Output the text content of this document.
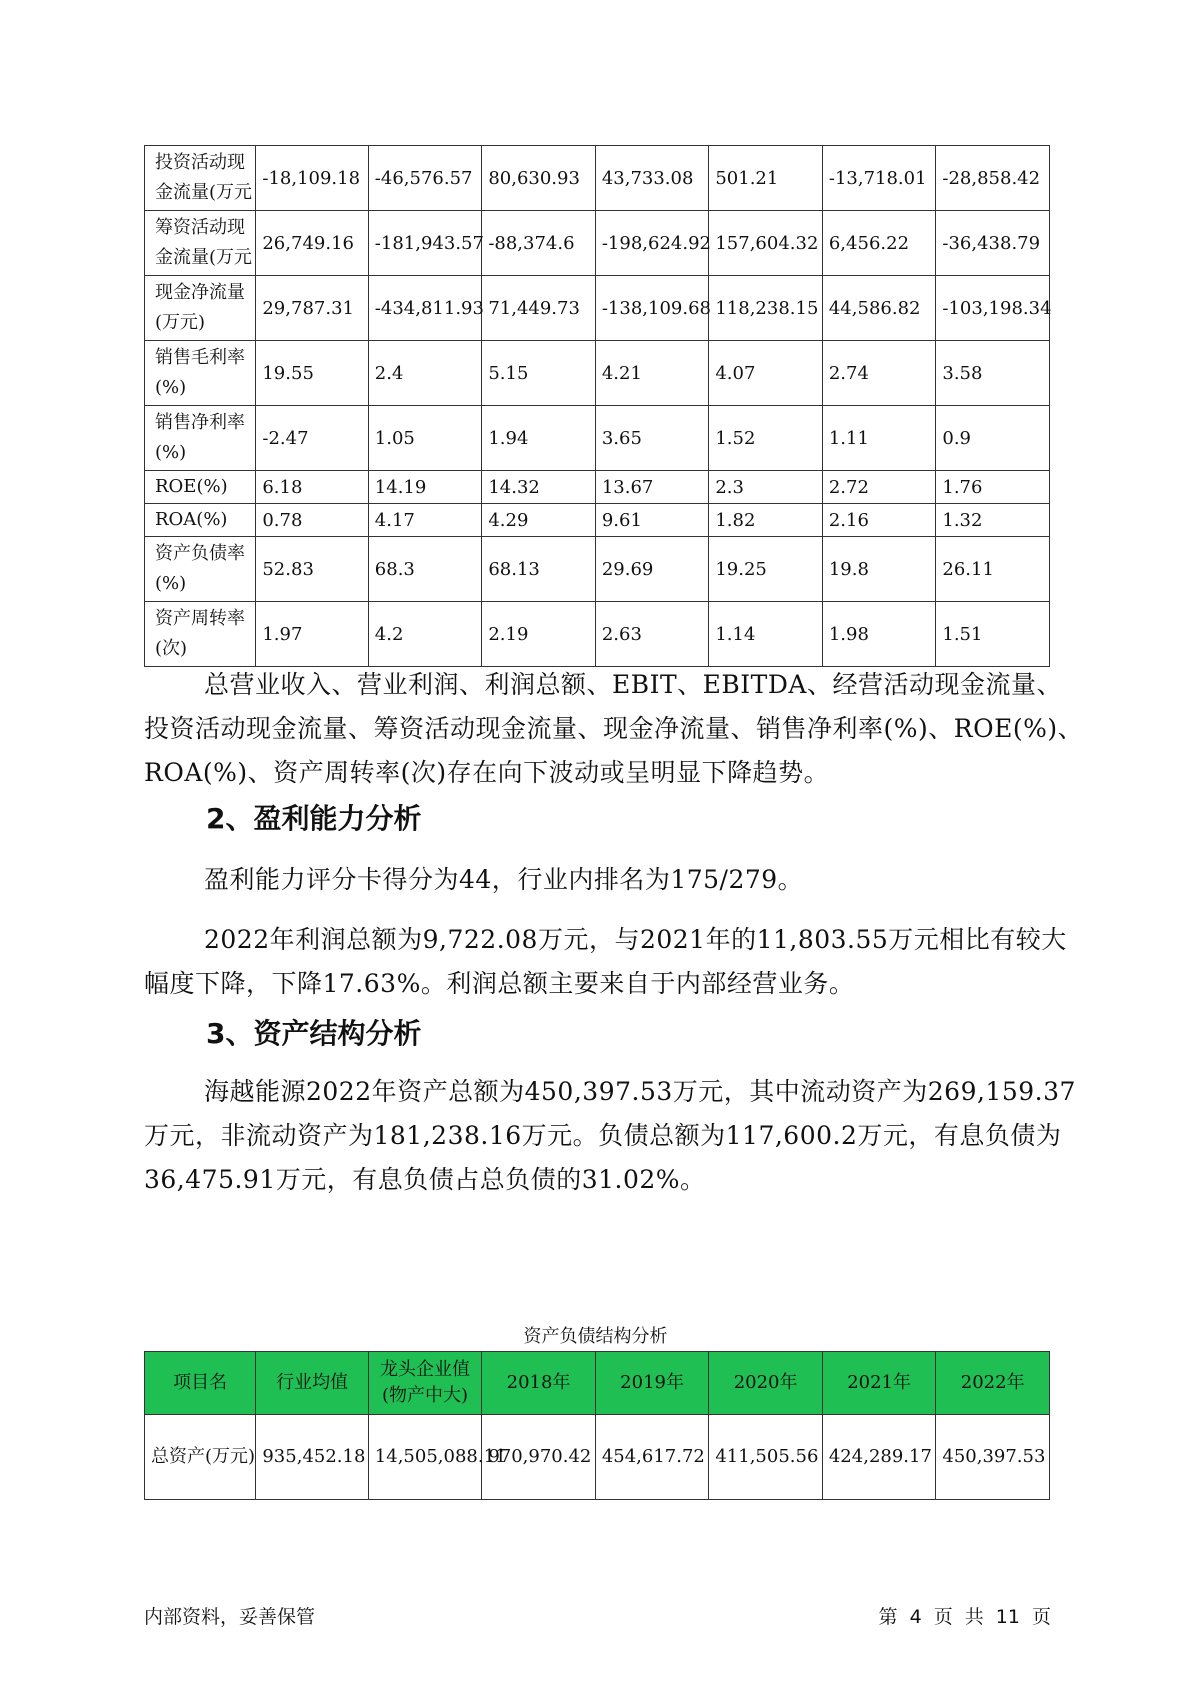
投资活动现金流量(万元	-18,109.18	-46,576.57	80,630.93	43,733.08	501.21	-13,718.01	-28,858.42
筹资活动现金流量(万元	26,749.16	-181,943.57	-88,374.6	-198,624.92	157,604.32	6,456.22	-36,438.79
现金净流量(万元)	29,787.31	-434,811.93	71,449.73	-138,109.68	118,238.15	44,586.82	-103,198.34
销售毛利率(%)	19.55	2.4	5.15	4.21	4.07	2.74	3.58
销售净利率(%)	-2.47	1.05	1.94	3.65	1.52	1.11	0.9
ROE(%)	6.18	14.19	14.32	13.67	2.3	2.72	1.76
ROA(%)	0.78	4.17	4.29	9.61	1.82	2.16	1.32
资产负债率(%)	52.83	68.3	68.13	29.69	19.25	19.8	26.11
资产周转率(次)	1.97	4.2	2.19	2.63	1.14	1.98	1.51

总营业收入、营业利润、利润总额、EBIT、EBITDA、经营活动现金流量、投资活动现金流量、筹资活动现金流量、现金净流量、销售净利率(%)、ROE(%)、ROA(%)、资产周转率(次)存在向下波动或呈明显下降趋势。

2、盈利能力分析

盈利能力评分卡得分为44，行业内排名为175/279。

2022年利润总额为9,722.08万元，与2021年的11,803.55万元相比有较大幅度下降，下降17.63%。利润总额主要来自于内部经营业务。

3、资产结构分析

海越能源2022年资产总额为450,397.53万元，其中流动资产为269,159.37万元，非流动资产为181,238.16万元。负债总额为117,600.2万元，有息负债为36,475.91万元，有息负债占总负债的31.02%。

资产负债结构分析

项目名	行业均值	龙头企业值(物产中大)	2018年	2019年	2020年	2021年	2022年
总资产(万元)	935,452.18	14,505,088.11	970,970.42	454,617.72	411,505.56	424,289.17	450,397.53
内部资料，妥善保管	第 4 页 共 11 页
